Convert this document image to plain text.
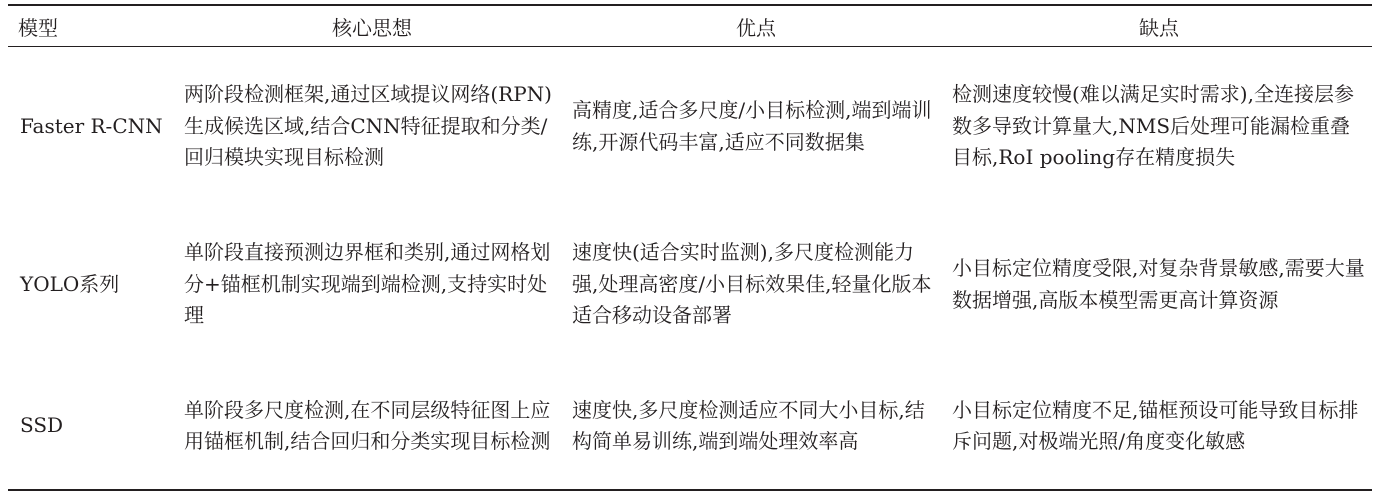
模型	核心思想	优点	缺点
Faster R-CNN	两阶段检测框架,通过区域提议网络(RPN)生成候选区域,结合CNN特征提取和分类/回归模块实现目标检测	高精度,适合多尺度/小目标检测,端到端训练,开源代码丰富,适应不同数据集	检测速度较慢(难以满足实时需求),全连接层参数多导致计算量大,NMS后处理可能漏检重叠目标,RoI pooling存在精度损失
YOLO系列	单阶段直接预测边界框和类别,通过网格划分+锚框机制实现端到端检测,支持实时处理	速度快(适合实时监测),多尺度检测能力强,处理高密度/小目标效果佳,轻量化版本适合移动设备部署	小目标定位精度受限,对复杂背景敏感,需要大量数据增强,高版本模型需更高计算资源
SSD	单阶段多尺度检测,在不同层级特征图上应用锚框机制,结合回归和分类实现目标检测	速度快,多尺度检测适应不同大小目标,结构简单易训练,端到端处理效率高	小目标定位精度不足,锚框预设可能导致目标排斥问题,对极端光照/角度变化敏感
